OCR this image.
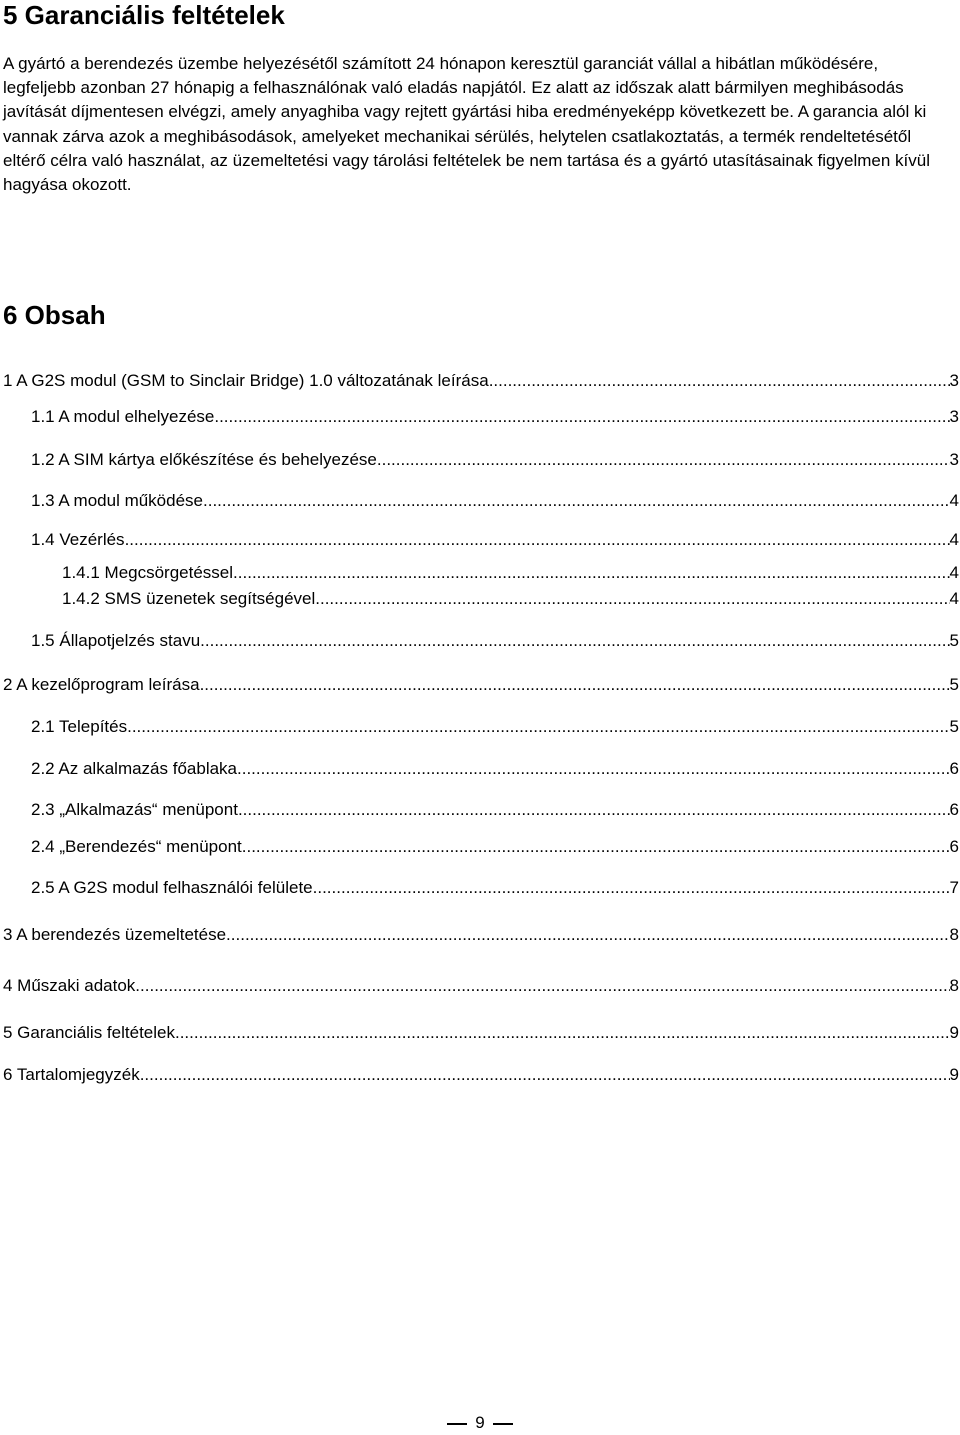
5 Garanciális feltételek

A gyártó a berendezés üzembe helyezésétől számított 24 hónapon keresztül garanciát vállal a hibátlan működésére, legfeljebb azonban 27 hónapig a felhasználónak való eladás napjától. Ez alatt az időszak alatt bármilyen meghibásodás javítását díjmentesen elvégzi, amely anyaghiba vagy rejtett gyártási hiba eredményeképp következett be. A garancia alól ki vannak zárva azok a meghibásodások, amelyeket mechanikai sérülés, helytelen csatlakoztatás, a termék rendeltetésétől eltérő célra való használat, az üzemeltetési vagy tárolási feltételek be nem tartása és a gyártó utasításainak figyelmen kívül hagyása okozott.

6 Obsah
1 A G2S modul (GSM to Sinclair Bridge) 1.0 változatának leírása .....	3
1.1 A modul elhelyezése .....	3
1.2 A SIM kártya előkészítése és behelyezése .....	3
1.3 A modul működése .....	4
1.4 Vezérlés .....	4
1.4.1 Megcsörgetéssel .....	4
1.4.2 SMS üzenetek segítségével .....	4
1.5 Állapotjelzés stavu .....	5
2 A kezelőprogram leírása .....	5
2.1 Telepítés .....	5
2.2 Az alkalmazás főablaka .....	6
2.3 „Alkalmazás“ menüpont .....	6
2.4 „Berendezés“ menüpont .....	6
2.5 A G2S modul felhasználói felülete .....	7
3 A berendezés üzemeltetése .....	8
4 Műszaki adatok .....	8
5 Garanciális feltételek .....	9
6 Tartalomjegyzék .....	9
9
